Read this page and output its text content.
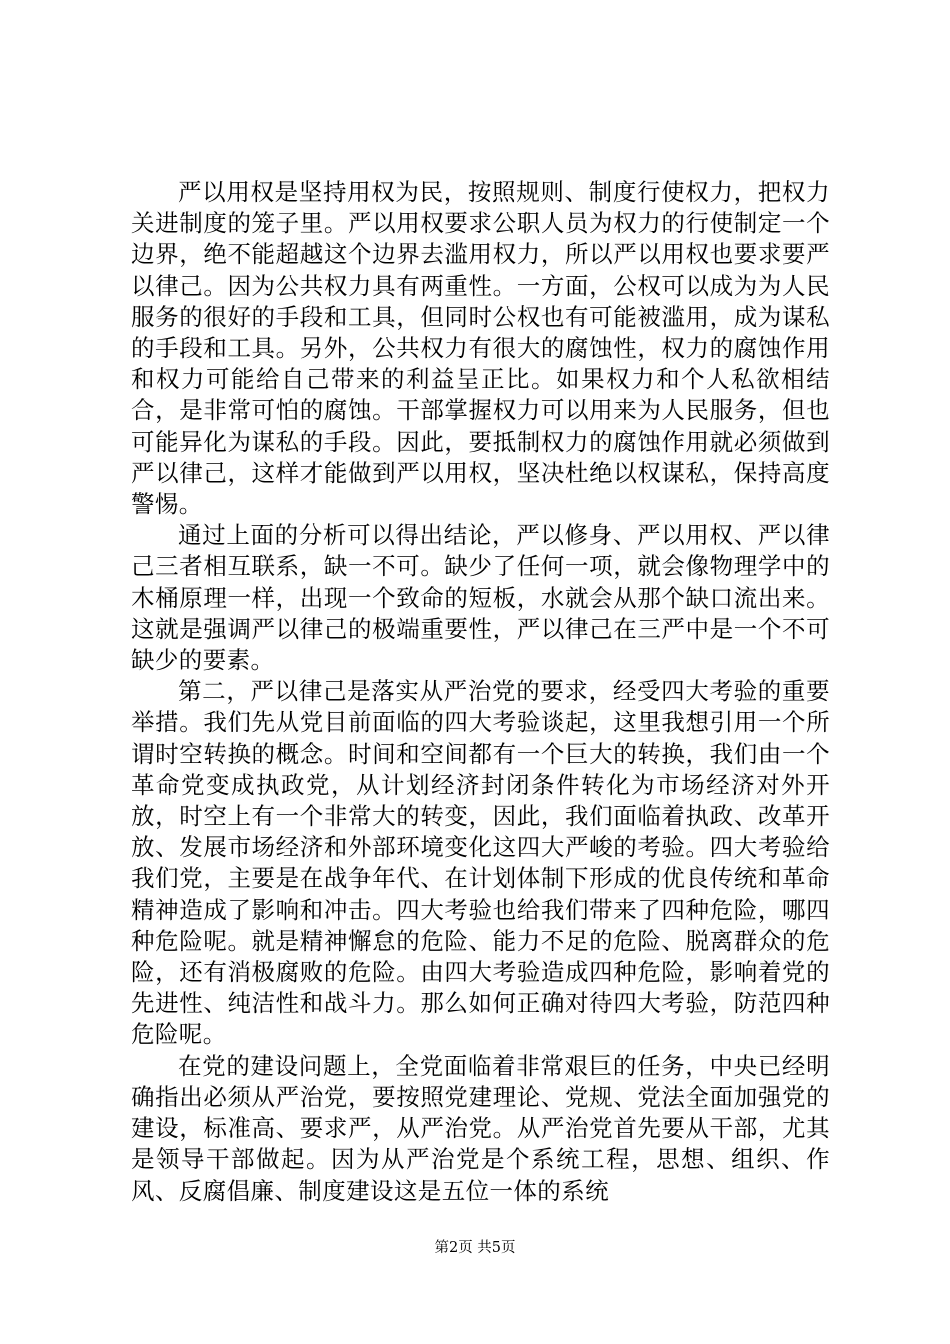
严以用权是坚持用权为民，按照规则、制度行使权力，把权力关进制度的笼子里。严以用权要求公职人员为权力的行使制定一个边界，绝不能超越这个边界去滥用权力，所以严以用权也要求要严以律己。因为公共权力具有两重性。一方面，公权可以成为为人民服务的很好的手段和工具，但同时公权也有可能被滥用，成为谋私的手段和工具。另外，公共权力有很大的腐蚀性，权力的腐蚀作用和权力可能给自己带来的利益呈正比。如果权力和个人私欲相结合，是非常可怕的腐蚀。干部掌握权力可以用来为人民服务，但也可能异化为谋私的手段。因此，要抵制权力的腐蚀作用就必须做到严以律己，这样才能做到严以用权，坚决杜绝以权谋私，保持高度警惕。

通过上面的分析可以得出结论，严以修身、严以用权、严以律己三者相互联系，缺一不可。缺少了任何一项，就会像物理学中的木桶原理一样，出现一个致命的短板，水就会从那个缺口流出来。这就是强调严以律己的极端重要性，严以律己在三严中是一个不可缺少的要素。

第二，严以律己是落实从严治党的要求，经受四大考验的重要举措。我们先从党目前面临的四大考验谈起，这里我想引用一个所谓时空转换的概念。时间和空间都有一个巨大的转换，我们由一个革命党变成执政党，从计划经济封闭条件转化为市场经济对外开放，时空上有一个非常大的转变，因此，我们面临着执政、改革开放、发展市场经济和外部环境变化这四大严峻的考验。四大考验给我们党，主要是在战争年代、在计划体制下形成的优良传统和革命精神造成了影响和冲击。四大考验也给我们带来了四种危险，哪四种危险呢。就是精神懈怠的危险、能力不足的危险、脱离群众的危险，还有消极腐败的危险。由四大考验造成四种危险，影响着党的先进性、纯洁性和战斗力。那么如何正确对待四大考验，防范四种危险呢。

在党的建设问题上，全党面临着非常艰巨的任务，中央已经明确指出必须从严治党，要按照党建理论、党规、党法全面加强党的建设，标准高、要求严，从严治党。从严治党首先要从干部，尤其是领导干部做起。因为从严治党是个系统工程，思想、组织、作风、反腐倡廉、制度建设这是五位一体的系统

第2页 共5页
